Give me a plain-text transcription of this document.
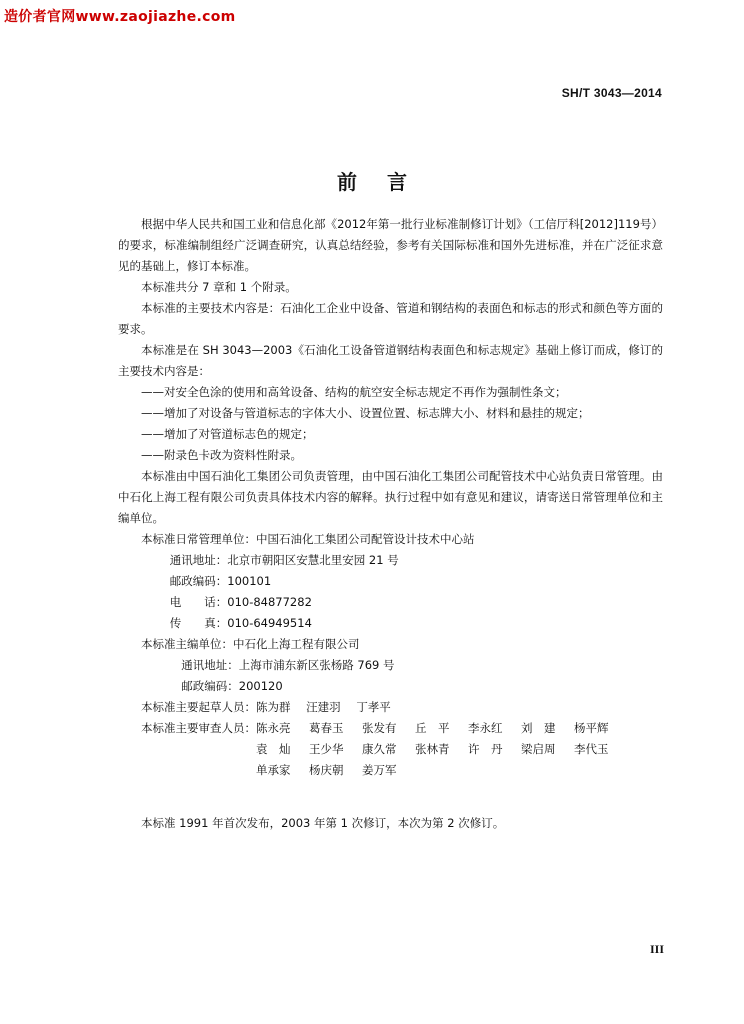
造价者官网www.zaojiazhe.com
SH/T 3043—2014
前言

根据中华人民共和国工业和信息化部《2012年第一批行业标准制修订计划》（工信厅科[2012]119号）的要求，标准编制组经广泛调查研究，认真总结经验，参考有关国际标准和国外先进标准，并在广泛征求意见的基础上，修订本标准。

本标准共分 7 章和 1 个附录。

本标准的主要技术内容是：石油化工企业中设备、管道和钢结构的表面色和标志的形式和颜色等方面的要求。

本标准是在 SH 3043—2003《石油化工设备管道钢结构表面色和标志规定》基础上修订而成，修订的主要技术内容是：

——对安全色涂的使用和高耸设备、结构的航空安全标志规定不再作为强制性条文；

——增加了对设备与管道标志的字体大小、设置位置、标志牌大小、材料和悬挂的规定；

——增加了对管道标志色的规定；

——附录色卡改为资料性附录。

本标准由中国石油化工集团公司负责管理，由中国石油化工集团公司配管技术中心站负责日常管理。由中石化上海工程有限公司负责具体技术内容的解释。执行过程中如有意见和建议，请寄送日常管理单位和主编单位。

本标准日常管理单位： 中国石油化工集团公司配管设计技术中心站
通讯地址： 北京市朝阳区安慧北里安园 21 号
邮政编码： 100101
电　　话： 010-84877282
传　　真： 010-64949514
本标准主编单位： 中石化上海工程有限公司
通讯地址： 上海市浦东新区张杨路 769 号
邮政编码： 200120
本标准主要起草人员： 陈为群 汪建羽 丁孝平
本标准主要审查人员： 陈永亮	葛春玉	张发有	丘　平	李永红	刘　建	杨平辉
袁　灿	王少华	康久常	张林青	许　丹	梁启周	李代玉
单承家	杨庆朝	姜万军

本标准 1991 年首次发布，2003 年第 1 次修订，本次为第 2 次修订。

III
